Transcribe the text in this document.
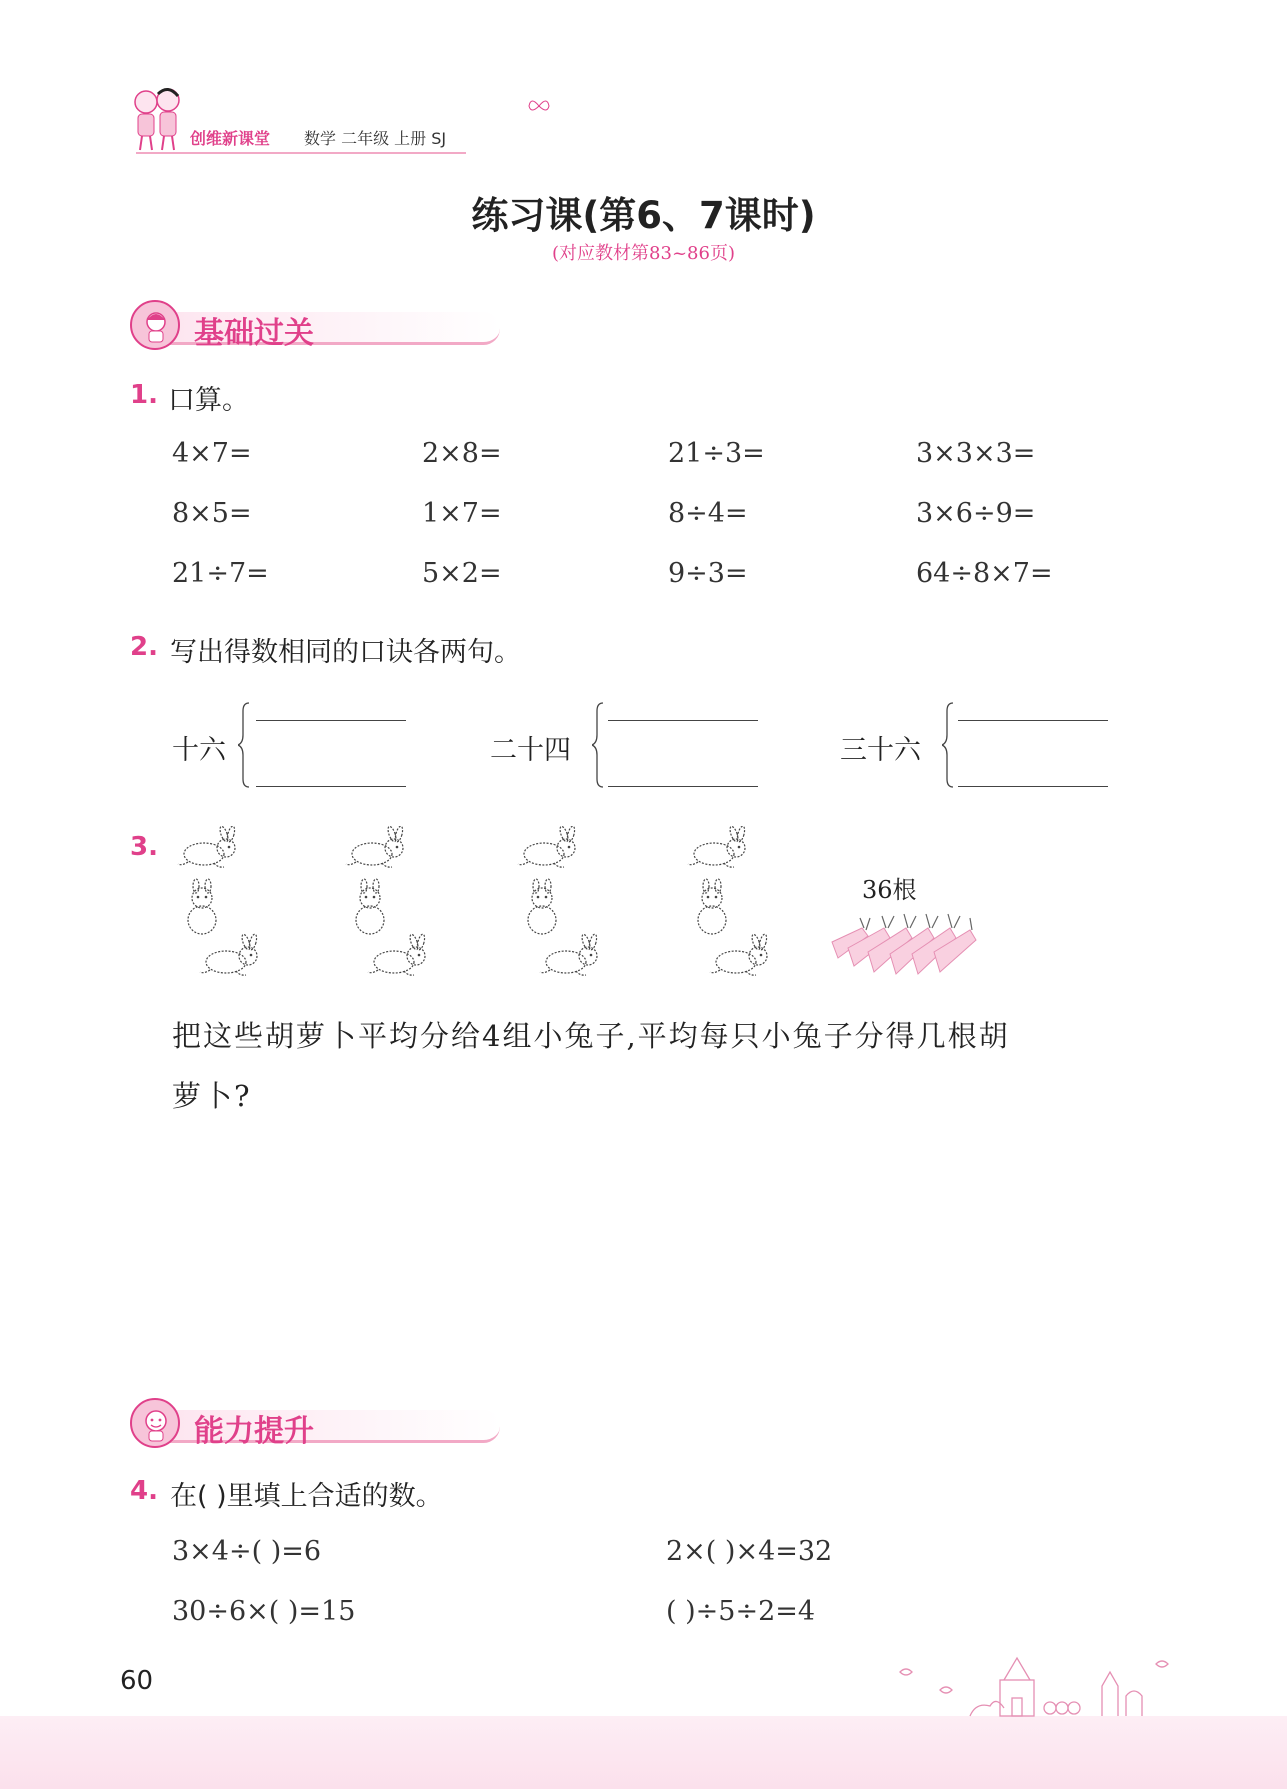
创维新课堂 数学 二年级 上册 SJ
练习课(第6、7课时)
(对应教材第83~86页)
基础过关
1. 口算。
4×7=	2×8=	21÷3=	3×3×3=
8×5=	1×7=	8÷4=	3×6÷9=
21÷7=	5×2=	9÷3=	64÷8×7=
2. 写出得数相同的口诀各两句。
十六	二十四	三十六
3.
36根
把这些胡萝卜平均分给4组小兔子,平均每只小兔子分得几根胡
萝卜?
能力提升
4. 在( )里填上合适的数。
3×4÷( )=6	2×( )×4=32
30÷6×( )=15	( )÷5÷2=4
60
